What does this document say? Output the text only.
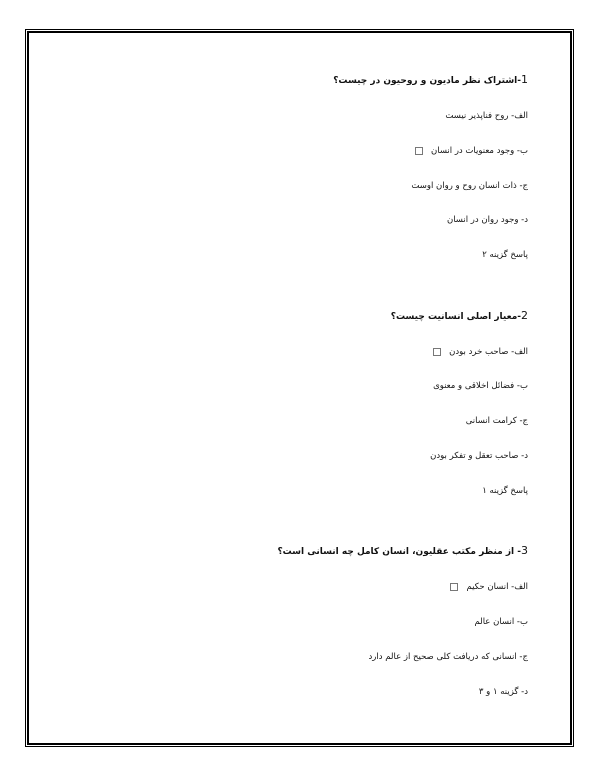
1-اشتراک نظر مادیون و روحیون در چیست؟
الف- روح فناپذیر نیست
ب- وجود معنویات در انسان
ج- ذات انسان روح و روان اوست
د- وجود روان در انسان
پاسخ گزینه ۲
2-معیار اصلی انسانیت چیست؟
الف- صاحب خرد بودن
ب- فضائل اخلاقی و معنوی
ج- کرامت انسانی
د- صاحب تعقل و تفکر بودن
پاسخ گزینه ۱
3- از منظر مکتب عقلیون، انسان کامل چه انسانی است؟
الف- انسان حکیم
ب- انسان عالم
ج- انسانی که دریافت کلی صحیح از عالم دارد
د- گزینه ۱ و ۳
